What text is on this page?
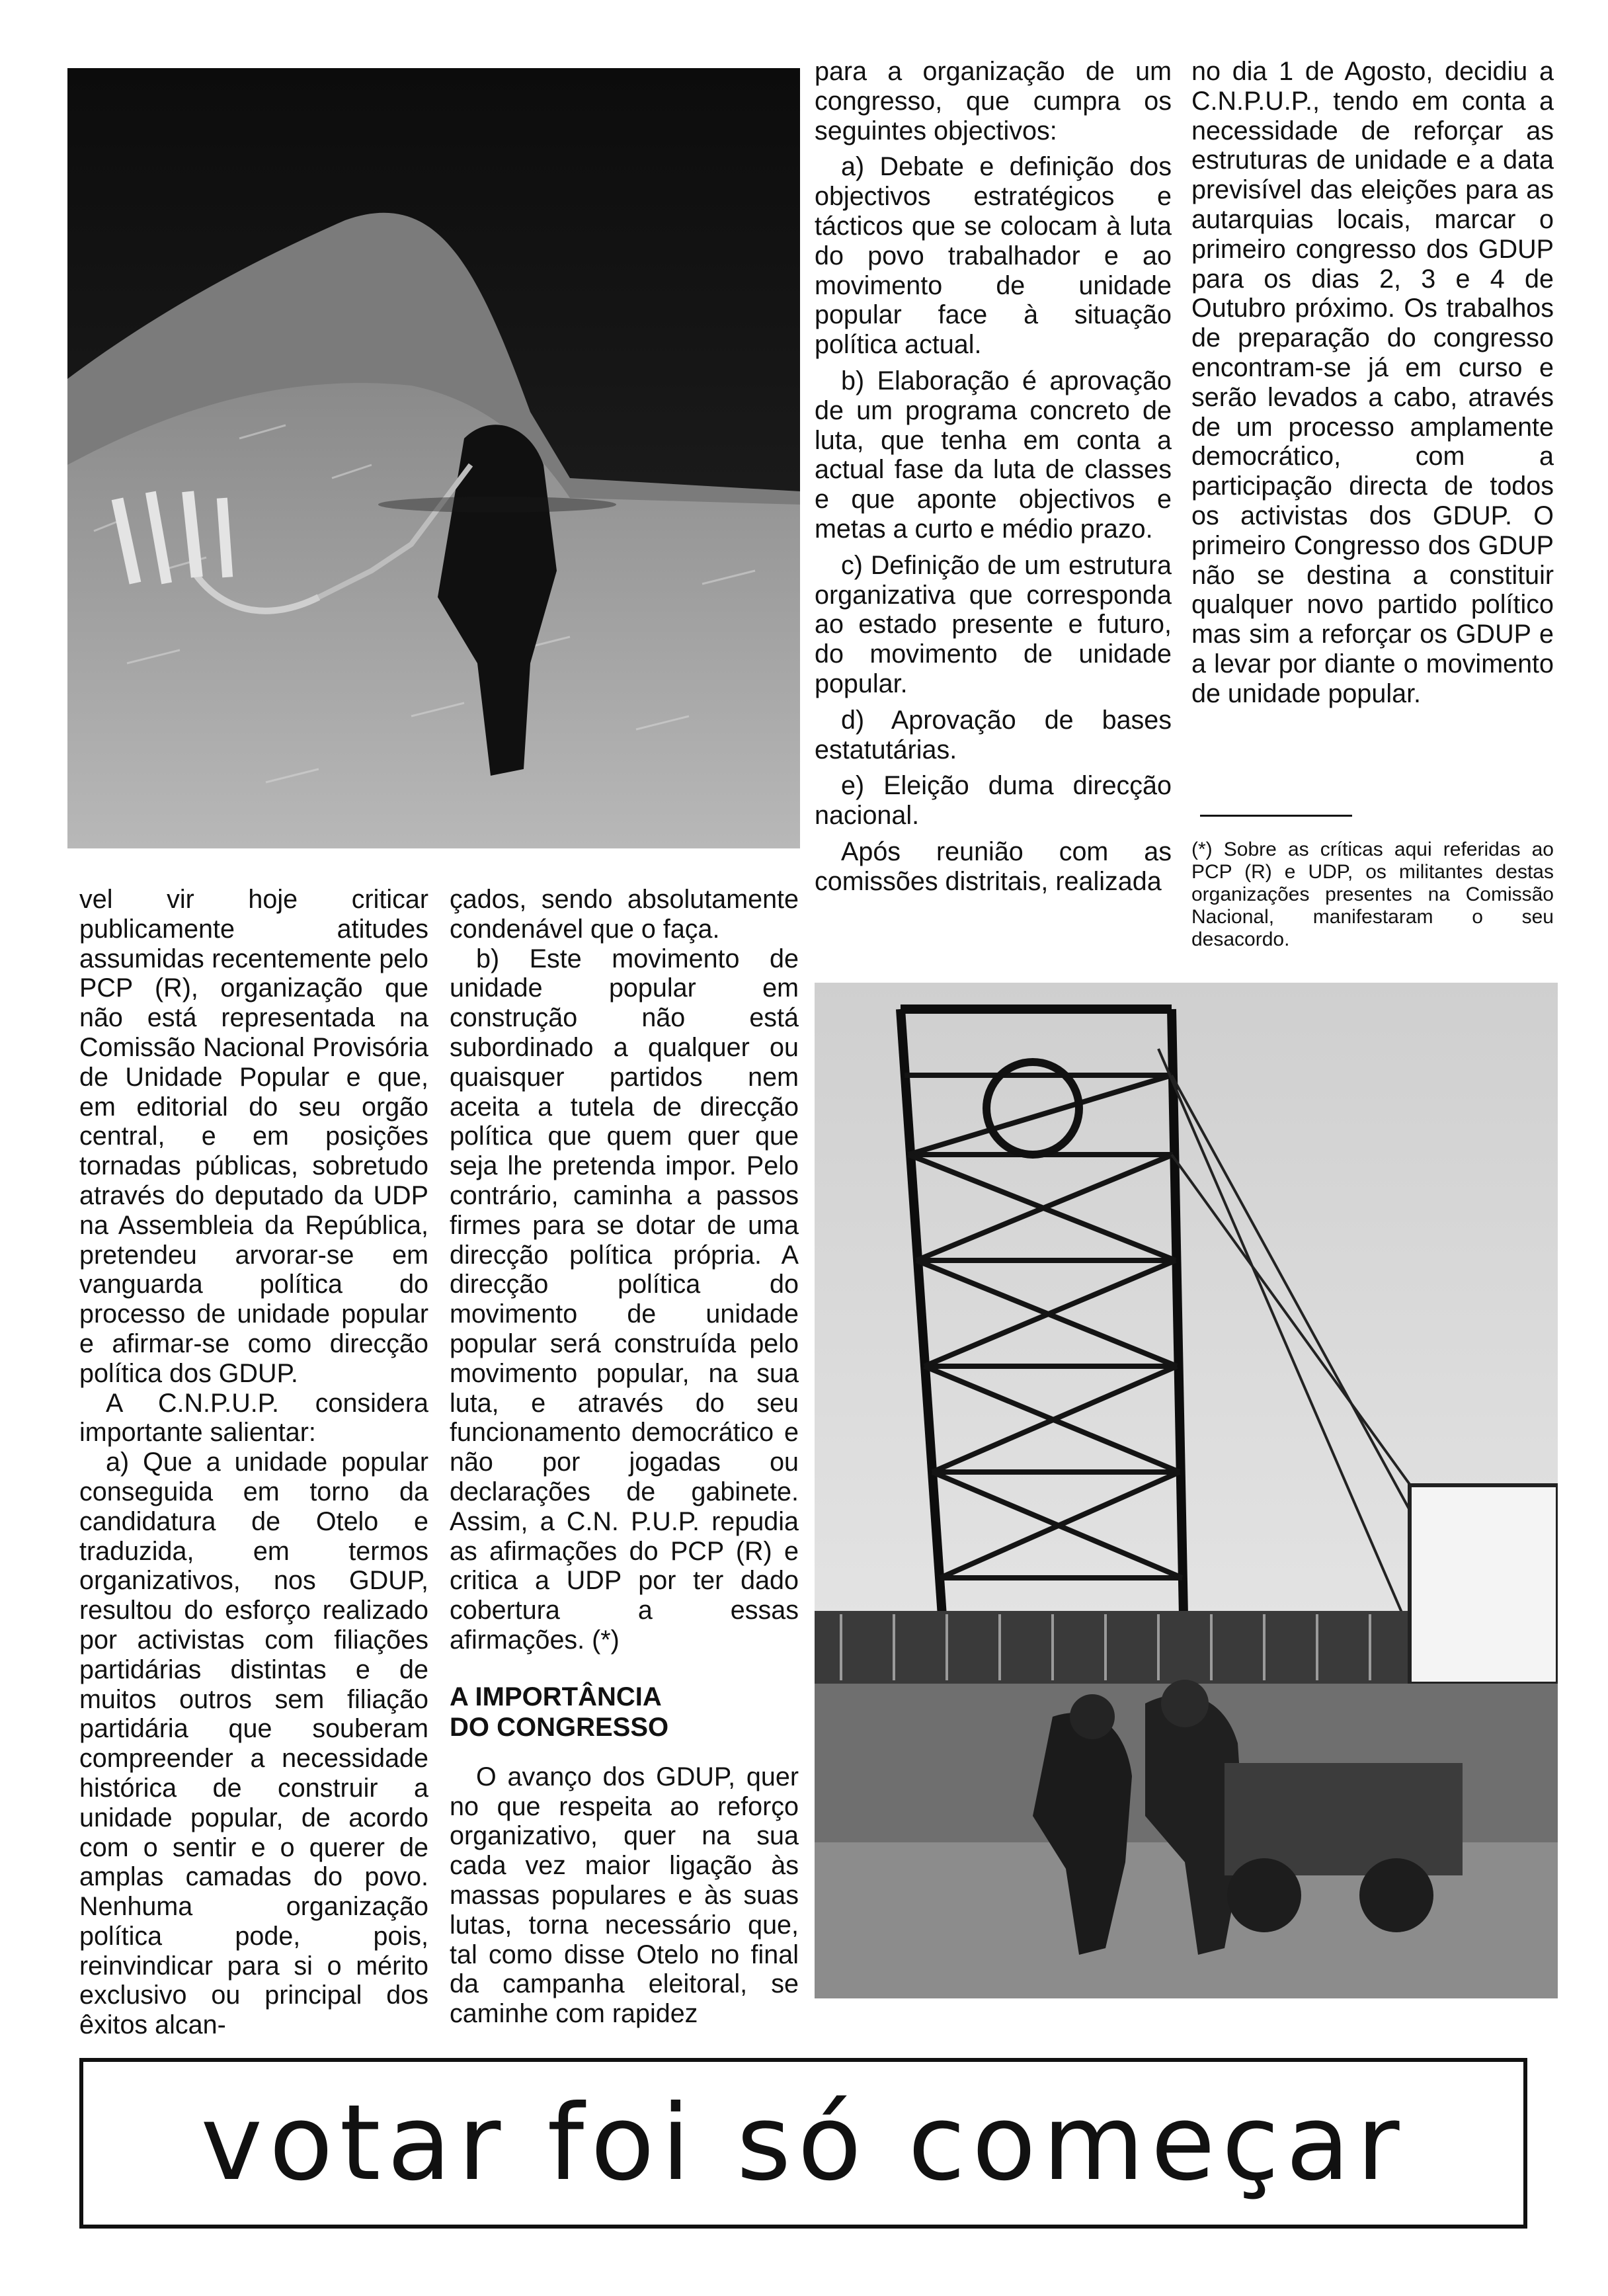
para a organização de um congresso, que cumpra os seguintes objectivos:

a) Debate e definição dos objectivos estratégicos e tácticos que se colocam à luta do povo trabalhador e ao movimento de unidade popular face à situação política actual.

b) Elaboração é aprovação de um programa concreto de luta, que tenha em conta a actual fase da luta de classes e que aponte objectivos e metas a curto e médio prazo.

c) Definição de um estrutura organizativa que corresponda ao estado presente e futuro, do movimento de unidade popular.

d) Aprovação de bases estatutárias.

e) Eleição duma direcção nacional.

Após reunião com as comissões distritais, realizada

no dia 1 de Agosto, decidiu a C.N.P.U.P., tendo em conta a necessidade de reforçar as estruturas de unidade e a data previsível das eleições para as autarquias locais, marcar o primeiro congresso dos GDUP para os dias 2, 3 e 4 de Outubro próximo. Os trabalhos de preparação do congresso encontram-se já em curso e serão levados a cabo, através de um processo amplamente democrático, com a participação directa de todos os activistas dos GDUP. O primeiro Congresso dos GDUP não se destina a constituir qualquer novo partido político mas sim a reforçar os GDUP e a levar por diante o movimento de unidade popular.

(*) Sobre as críticas aqui referidas ao PCP (R) e UDP, os militantes destas organizações presentes na Comissão Nacional, manifestaram o seu desacordo.

vel vir hoje criticar publicamente atitudes assumidas recentemente pelo PCP (R), organização que não está representada na Comissão Nacional Provisória de Unidade Popular e que, em editorial do seu orgão central, e em posições tornadas públicas, sobretudo através do deputado da UDP na Assembleia da República, pretendeu arvorar-se em vanguarda política do processo de unidade popular e afirmar-se como direcção política dos GDUP.

A C.N.P.U.P. considera importante salientar:

a) Que a unidade popular conseguida em torno da candidatura de Otelo e traduzida, em termos organizativos, nos GDUP, resultou do esforço realizado por activistas com filiações partidárias distintas e de muitos outros sem filiação partidária que souberam compreender a necessidade histórica de construir a unidade popular, de acordo com o sentir e o querer de amplas camadas do povo. Nenhuma organização política pode, pois, reinvindicar para si o mérito exclusivo ou principal dos êxitos alcan-

çados, sendo absolutamente condenável que o faça.

b) Este movimento de unidade popular em construção não está subordinado a qualquer ou quaisquer partidos nem aceita a tutela de direcção política que quem quer que seja lhe pretenda impor. Pelo contrário, caminha a passos firmes para se dotar de uma direcção política própria. A direcção política do movimento de unidade popular será construída pelo movimento popular, na sua luta, e através do seu funcionamento democrático e não por jogadas ou declarações de gabinete. Assim, a C.N. P.U.P. repudia as afirmações do PCP (R) e critica a UDP por ter dado cobertura a essas afirmações. (*)

A IMPORTÂNCIA
DO CONGRESSO

O avanço dos GDUP, quer no que respeita ao reforço organizativo, quer na sua cada vez maior ligação às massas populares e às suas lutas, torna necessário que, tal como disse Otelo no final da campanha eleitoral, se caminhe com rapidez

votar foi só começar
